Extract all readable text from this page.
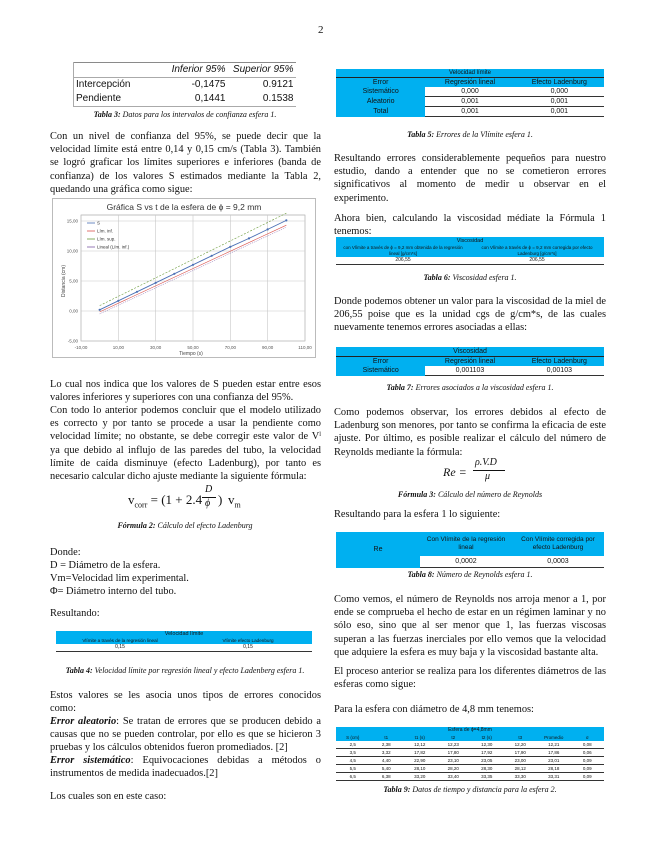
2
	Inferior 95%	Superior 95%
Intercepción	-0,1475	0.9121
Pendiente	0,1441	0.1538
Tabla 3: Datos para los intervalos de confianza esfera 1.

Con un nivel de confianza del 95%, se puede decir que la velocidad límite está entre 0,14 y 0,15 cm/s (Tabla 3). También se logró graficar los límites superiores e inferiores (banda de confianza) de los valores S estimados mediante la Tabla 2, quedando una gráfica como sigue:

Gráfica S vs t de la esfera de ϕ = 9,2 mm
Distancia (cm)
Tiempo (s)
-10,00	10,00	30,00	50,00	70,00	90,00	110,00
-5,00
0,00
5,00
10,00
15,00	S
Lím. inf.
Lím. sup.
Lineal (Lím. inf.)

Lo cual nos indica que los valores de S pueden estar entre esos valores inferiores y superiores con una confianza del 95%.

Con todo lo anterior podemos concluir que el modelo utilizado es correcto y por tanto se procede a usar la pendiente como velocidad límite; no obstante, se debe corregir este valor de Vˡ ya que debido al influjo de las paredes del tubo, la velocidad límite de caída disminuye (efecto Ladenburg), por tanto es necesario calcular dicho ajuste mediante la siguiente fórmula:

$v_{corr} = (1 + 2.4$
D
ϕ ) $v_m$
Fórmula 2: Cálculo del efecto Ladenburg

Donde:

D = Diámetro de la esfera.

Vm=Velocidad lim experimental.

Φ= Diámetro interno del tubo.

Resultando:

Velocidad límite	
Vlímite a través de la regresión lineal	Vlímite efecto Ladenburg
0,15	0,15
Tabla 4: Velocidad límite por regresión lineal y efecto Ladenberg esfera 1.

Estos valores se les asocia unos tipos de errores conocidos como:

Error aleatorio: Se tratan de errores que se producen debido a causas que no se pueden controlar, por ello es que se hicieron 3 pruebas y los cálculos obtenidos fueron promediados. [2]

Error sistemático: Equivocaciones debidas a métodos o instrumentos de medida inadecuados.[2]

Los cuales son en este caso:

Velocidad límite		
Error	Regresión lineal	Efecto Ladenburg
Sistemático	0,000	0,000
Aleatorio	0,001	0,001
Total	0,001	0,001
Tabla 5: Errores de la Vlímite esfera 1.

Resultando errores considerablemente pequeños para nuestro estudio, dando a entender que no se cometieron errores significativos al momento de medir u observar en el experimento.

Ahora bien, calculando la viscosidad médiate la Fórmula 1 tenemos:

Viscosidad	
con Vlímite a través de ϕ = 9,2 mm obtenida de la regresión lineal [g/cm*s]	con Vlímite a través de ϕ = 9,2 mm corregida por efecto Ladenburg [g/cm*s]
206,55	206,55
Tabla 6: Viscosidad esfera 1.

Donde podemos obtener un valor para la viscosidad de la miel de 206,55 poise que es la unidad cgs de g/cm*s, de las cuales nuevamente tenemos errores asociadas a ellas:

Viscosidad		
Error	Regresión lineal	Efecto Ladenburg
Sistemático	0,001103	0,00103
Tabla 7: Errores asociados a la viscosidad esfera 1.

Como podemos observar, los errores debidos al efecto de Ladenburg son menores, por tanto se confirma la eficacia de este ajuste. Por último, es posible realizar el cálculo del número de Reynolds mediante la fórmula:

Re =
ρ.V.D
μ
Fórmula 3: Cálculo del número de Reynolds

Resultando para la esfera 1 lo siguiente:

Re	Con Vlímite de la regresión lineal	Con Vlímite corregida por efecto Ladenburg
	0,0002	0,0003
Tabla 8: Número de Reynolds esfera 1.

Como vemos, el número de Reynolds nos arroja menor a 1, por ende se comprueba el hecho de estar en un régimen laminar y no sólo eso, sino que al ser menor que 1, las fuerzas viscosas superan a las fuerzas inerciales por ello vemos que la velocidad que adquiere la esfera es muy baja y la viscosidad bastante alta.

El proceso anterior se realiza para los diferentes diámetros de las esferas como sigue:

Para la esfera con diámetro de 4,8 mm tenemos:

Esfera de ϕ=4,8mm							
S (cm)	t1	t1 (s)	t2	t2 (s)	t3	Promedio	σ
2,5	2,38	12,12	12,23	12,30	12,20	12,21	0,08
3,5	3,32	17,82	17,80	17,92	17,90	17,86	0,06
4,5	4,40	22,90	23,10	23,05	23,00	23,01	0,09
5,5	5,40	28,10	28,20	28,30	28,12	28,18	0,09
6,5	6,38	33,20	33,40	33,35	33,30	33,31	0,09
Tabla 9: Datos de tiempo y distancia para la esfera 2.
